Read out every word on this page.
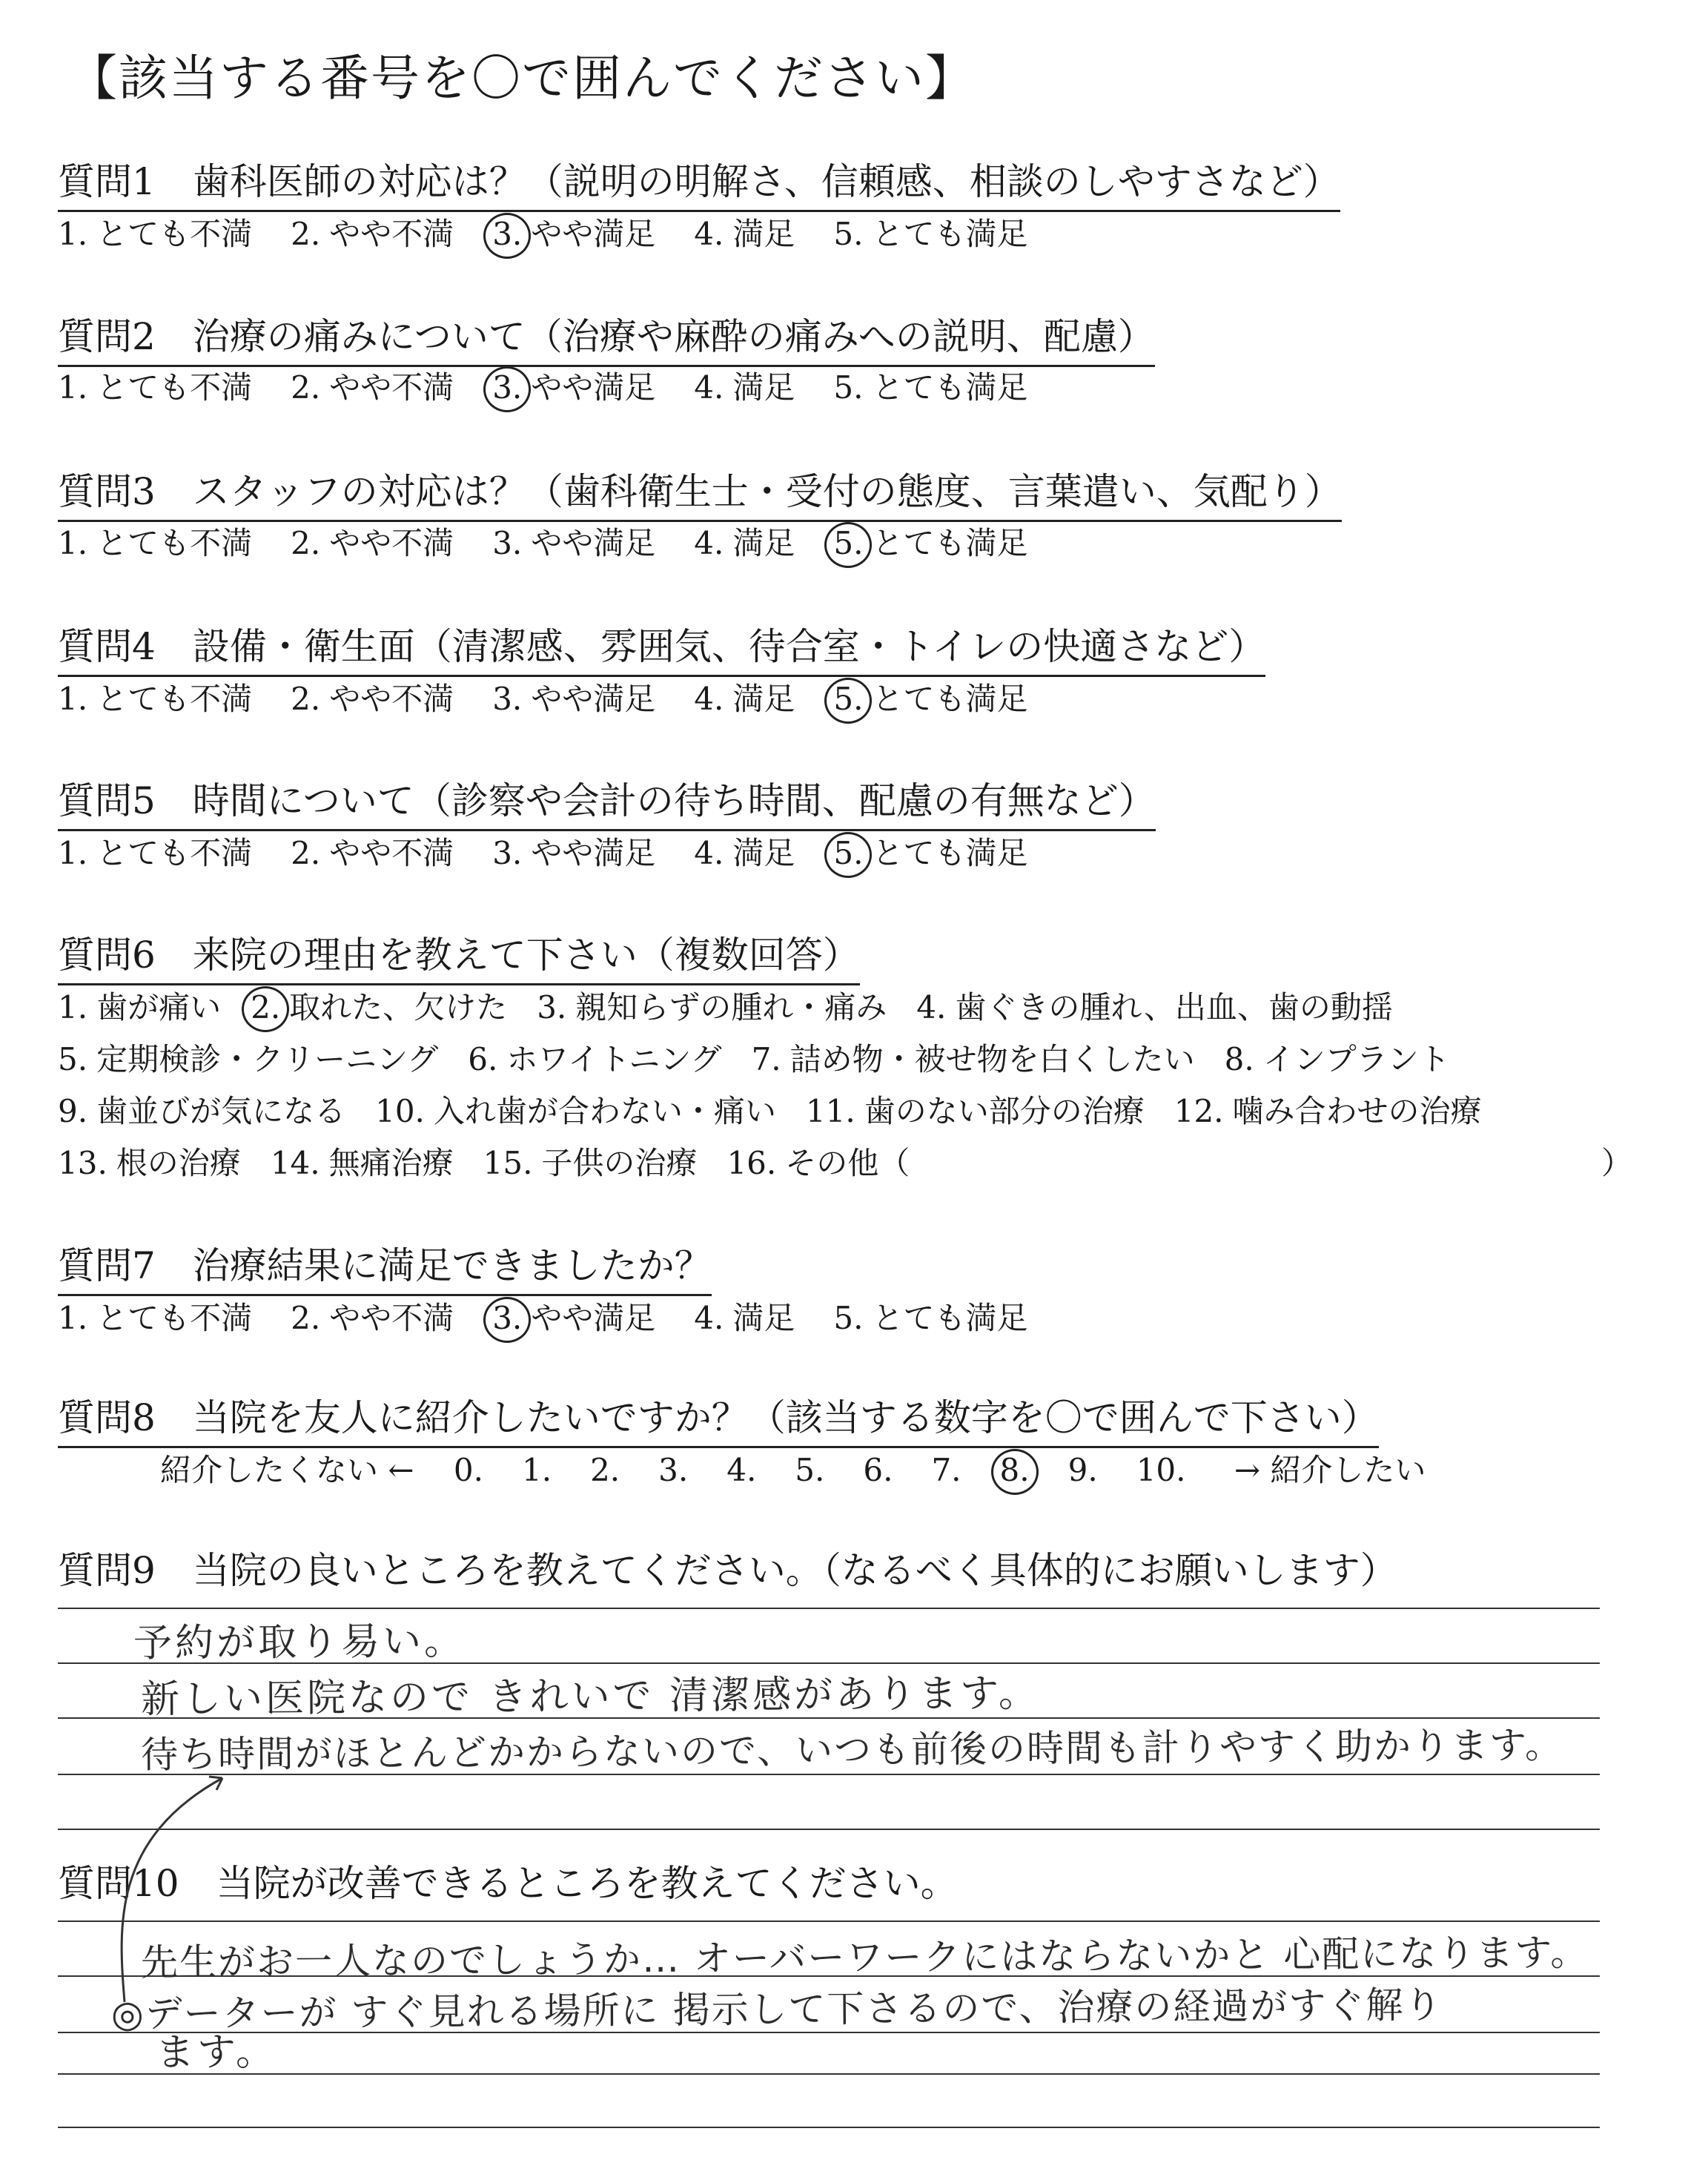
【該当する番号を〇で囲んでください】
質問1　歯科医師の対応は？（説明の明解さ、信頼感、相談のしやすさなど）
1. とても不満 2. やや不満 3. やや満足 4. 満足 5. とても満足
質問2　治療の痛みについて（治療や麻酔の痛みへの説明、配慮）
1. とても不満 2. やや不満 3. やや満足 4. 満足 5. とても満足
質問3　スタッフの対応は？（歯科衛生士・受付の態度、言葉遣い、気配り）
1. とても不満 2. やや不満 3. やや満足 4. 満足 5. とても満足
質問4　設備・衛生面（清潔感、雰囲気、待合室・トイレの快適さなど）
1. とても不満 2. やや不満 3. やや満足 4. 満足 5. とても満足
質問5　時間について（診察や会計の待ち時間、配慮の有無など）
1. とても不満 2. やや不満 3. やや満足 4. 満足 5. とても満足
質問6　来院の理由を教えて下さい（複数回答）
1. 歯が痛い 2. 取れた、欠けた 3. 親知らずの腫れ・痛み 4. 歯ぐきの腫れ、出血、歯の動揺
5. 定期検診・クリーニング 6. ホワイトニング 7. 詰め物・被せ物を白くしたい 8. インプラント
9. 歯並びが気になる 10. 入れ歯が合わない・痛い 11. 歯のない部分の治療 12. 噛み合わせの治療
13. 根の治療 14. 無痛治療 15. 子供の治療 16. その他（	）
質問7　治療結果に満足できましたか？
1. とても不満 2. やや不満 3. やや満足 4. 満足 5. とても満足
質問8　当院を友人に紹介したいですか？（該当する数字を〇で囲んで下さい）
紹介したくない ← 0. 1. 2. 3. 4. 5. 6. 7. 8. 9. 10. → 紹介したい
質問9　当院の良いところを教えてください。（なるべく具体的にお願いします）
予約が取り易い。
新しい医院なので きれいで 清潔感があります。
待ち時間がほとんどかからないので、いつも前後の時間も計りやすく助かります。
質問10　当院が改善できるところを教えてください。
先生がお一人なのでしょうか… オーバーワークにはならないかと 心配になります。
◎データーが すぐ見れる場所に 掲示して下さるので、治療の経過がすぐ解り
ます。
